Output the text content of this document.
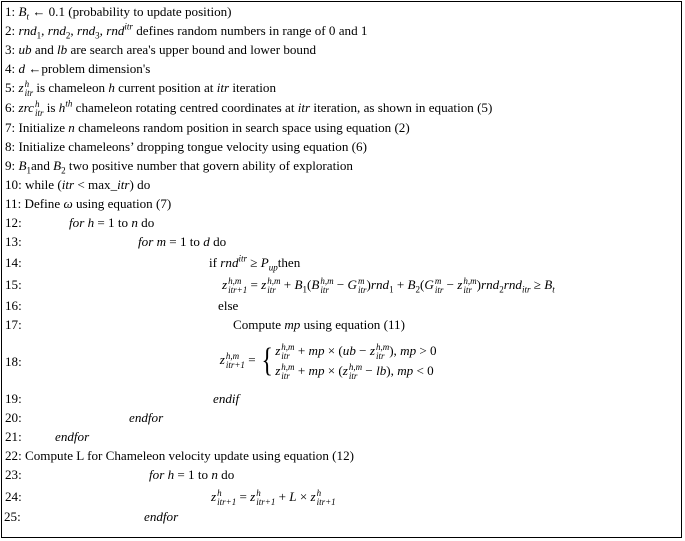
1: $B_t$ ← 0.1 (probability to update position)
2: rnd$_1$, rnd$_2$, rnd$_3$, rnd$^{itr}$ defines random numbers in range of 0 and 1
3: ub and lb are search area's upper bound and lower bound
4: d ←problem dimension's
5: z h
itr is chameleon h current position at itr iteration
6: zrc h
itr is $h^{th}$ chameleon rotating centred coordinates at itr iteration, as shown in equation (5)
7: Initialize n chameleons random position in search space using equation (2)
8: Initialize chameleons’ dropping tongue velocity using equation (6)
9: $B_1and$ $B_2$ two positive number that govern ability of exploration
10: while (itr < max_itr) do
11: Define ω using equation (7)
12:	for h = 1 to n do
13:	for m = 1 to d do
14:	if $rnd^{itr} \ge P_{up}then$
15:	z h,m
itr+1 = z h,m
itr + $B_1(B$ h,m
itr − G m
itr )$rnd_1 + B_2(G$ m
itr − z h,m
itr )$rnd_2rnd_{itr} \ge B_t$
16:	else
17:	Compute mp using equation (11)
18:	z h,m
itr+1 = { z h,m
itr + mp × (ub − z h,m
itr ), mp > 0
z h,m
itr + mp × (z h,m
itr − lb), mp < 0
19:	endif
20:	endfor
21:	endfor
22: Compute L for Chameleon velocity update using equation (12)
23:	for h = 1 to n do
24:	z h
itr+1 = z h
itr+1 + L × z h
itr+1
25:	endfor
